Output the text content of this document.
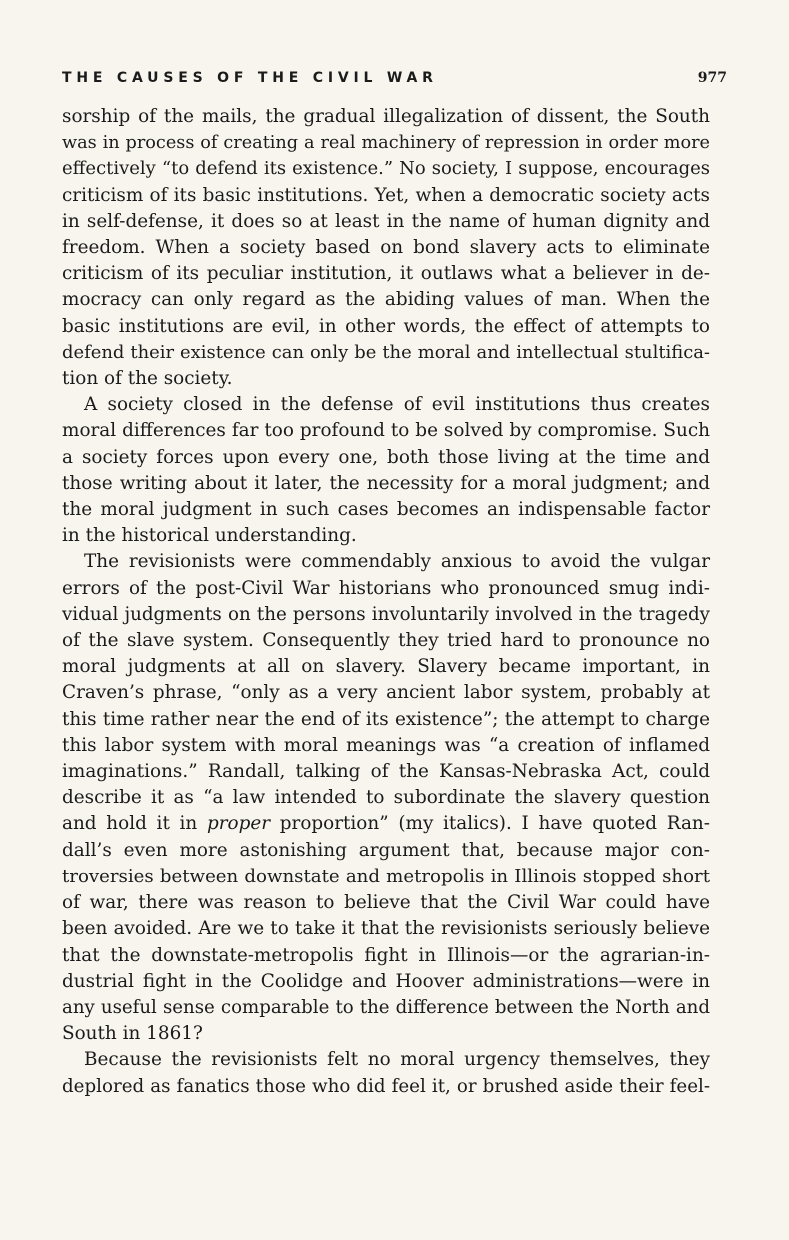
THE CAUSES OF THE CIVIL WAR	977
sorship of the mails, the gradual illegalization of dissent, the South
was in process of creating a real machinery of repression in order more
effectively “to defend its existence.” No society, I suppose, encourages
criticism of its basic institutions. Yet, when a democratic society acts
in self-defense, it does so at least in the name of human dignity and
freedom. When a society based on bond slavery acts to eliminate
criticism of its peculiar institution, it outlaws what a believer in de-
mocracy can only regard as the abiding values of man. When the
basic institutions are evil, in other words, the effect of attempts to
defend their existence can only be the moral and intellectual stultifica-
tion of the society.
A society closed in the defense of evil institutions thus creates
moral differences far too profound to be solved by compromise. Such
a society forces upon every one, both those living at the time and
those writing about it later, the necessity for a moral judgment; and
the moral judgment in such cases becomes an indispensable factor
in the historical understanding.
The revisionists were commendably anxious to avoid the vulgar
errors of the post-Civil War historians who pronounced smug indi-
vidual judgments on the persons involuntarily involved in the tragedy
of the slave system. Consequently they tried hard to pronounce no
moral judgments at all on slavery. Slavery became important, in
Craven’s phrase, “only as a very ancient labor system, probably at
this time rather near the end of its existence”; the attempt to charge
this labor system with moral meanings was “a creation of inflamed
imaginations.” Randall, talking of the Kansas-Nebraska Act, could
describe it as “a law intended to subordinate the slavery question
and hold it in proper proportion” (my italics). I have quoted Ran-
dall’s even more astonishing argument that, because major con-
troversies between downstate and metropolis in Illinois stopped short
of war, there was reason to believe that the Civil War could have
been avoided. Are we to take it that the revisionists seriously believe
that the downstate-metropolis fight in Illinois—or the agrarian-in-
dustrial fight in the Coolidge and Hoover administrations—were in
any useful sense comparable to the difference between the North and
South in 1861?
Because the revisionists felt no moral urgency themselves, they
deplored as fanatics those who did feel it, or brushed aside their feel-
